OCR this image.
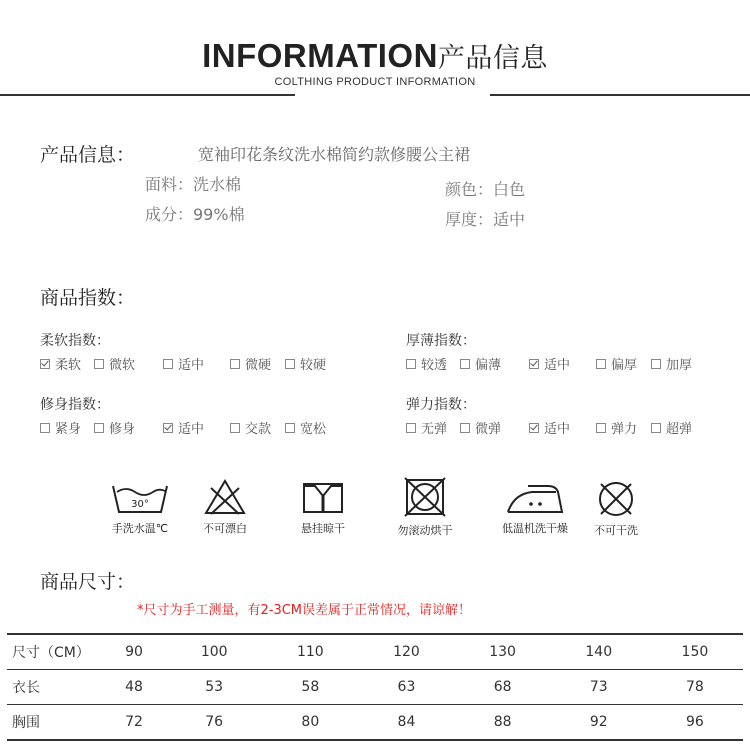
INFORMATION产品信息
COLTHING PRODUCT INFORMATION
产品信息：	宽袖印花条纹洗水棉简约款修腰公主裙
面料：洗水棉
成分：99%棉
颜色：白色
厚度：适中
商品指数：
柔软指数：
柔软 微软	适中	微硬 较硬
厚薄指数：
较透 偏薄	适中	偏厚 加厚
修身指数：
紧身 修身	适中	交款 宽松
弹力指数：
无弹 微弹	适中	弹力 超弹
30°
手洗水温℃	不可漂白	悬挂晾干	勿滚动烘干	低温机洗干燥	不可干洗
商品尺寸：
*尺寸为手工测量，有2-3CM误差属于正常情况，请谅解！
尺寸（CM）	90	100	110	120	130	140	150
衣长	48	53	58	63	68	73	78
胸围	72	76	80	84	88	92	96
